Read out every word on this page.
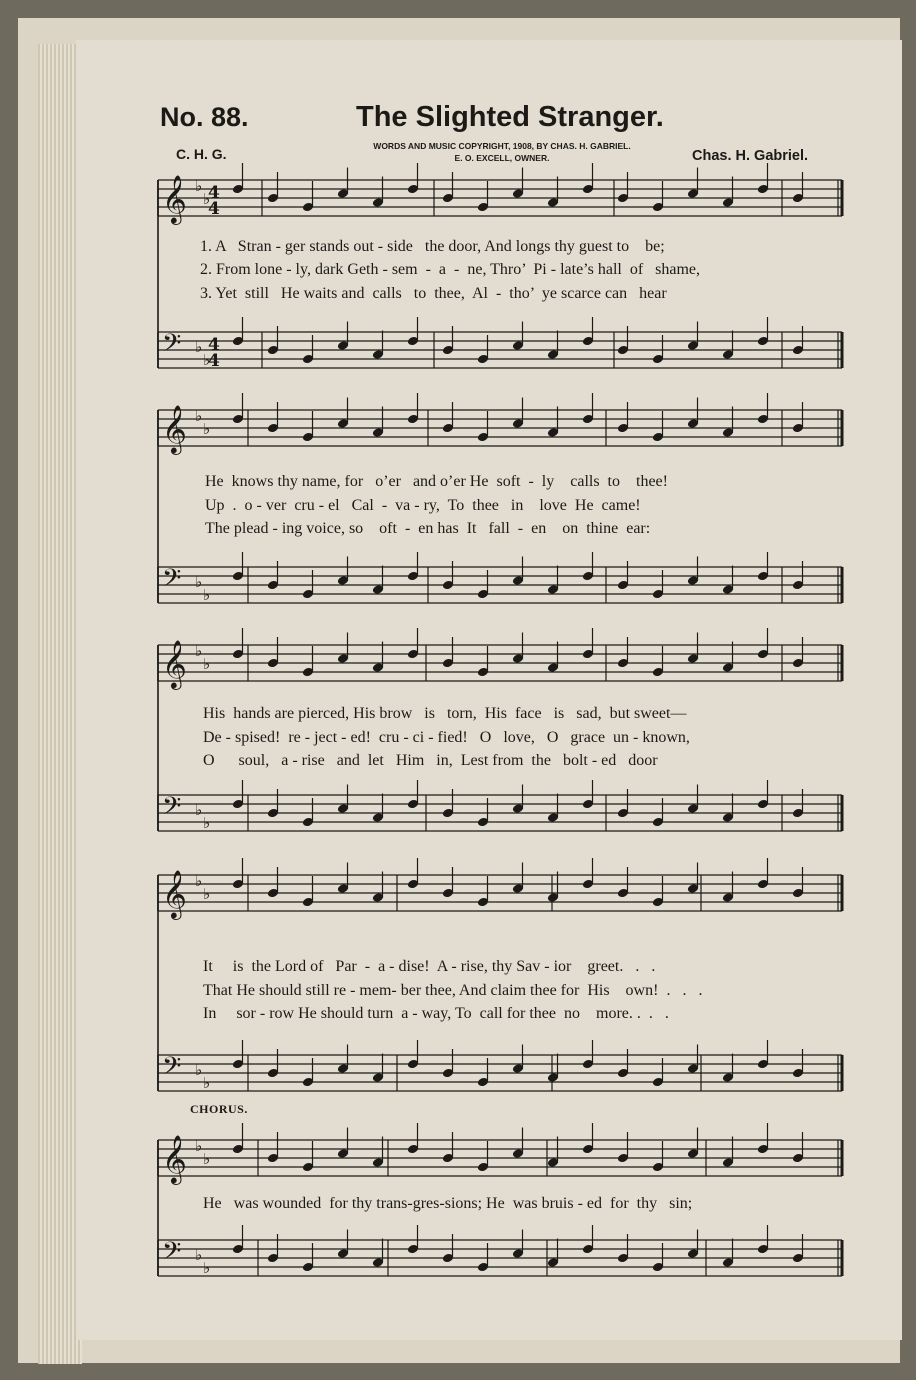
No. 88.	The Slighted Stranger.
C. H. G.	WORDS AND MUSIC COPYRIGHT, 1908, BY CHAS. H. GABRIEL.
E. O. EXCELL, OWNER.	Chas. H. Gabriel.
𝄞 ♭
♭
𝄢 ♭
♭
𝄞 ♭
♭
𝄢 ♭
♭
𝄞 ♭
♭
𝄢 ♭
♭
𝄞 ♭
♭
𝄢 ♭
♭
𝄞 ♭
♭
𝄢 ♭
♭
4
4
4
4
1. A   Stran - ger stands out - side   the door, And longs thy guest to    be;
2. From lone - ly, dark Geth - sem  -  a  -  ne, Thro’  Pi - late’s hall  of   shame,
3. Yet  still   He waits and  calls   to  thee,  Al  -  tho’  ye scarce can   hear
He  knows thy name, for   o’er   and o’er He  soft  -  ly    calls  to    thee!
Up  .  o - ver  cru - el   Cal  -  va - ry,  To  thee   in    love  He  came!
The plead - ing voice, so    oft  -  en has  It   fall  -  en    on  thine  ear:
His  hands are pierced, His brow   is   torn,  His  face   is   sad,  but sweet—
De - spised!  re - ject - ed!  cru - ci - fied!   O   love,   O   grace  un - known,
O      soul,   a - rise   and  let   Him   in,  Lest from  the   bolt - ed   door
It     is  the Lord of   Par  -  a - dise!  A - rise, thy Sav - ior    greet.   .   .
That He should still re - mem- ber thee, And claim thee for  His    own!  .   .   .
In     sor - row He should turn  a - way, To  call for thee  no    more. .  .   .
CHORUS.
He   was wounded  for thy trans-gres-sions; He  was bruis - ed  for  thy   sin;
